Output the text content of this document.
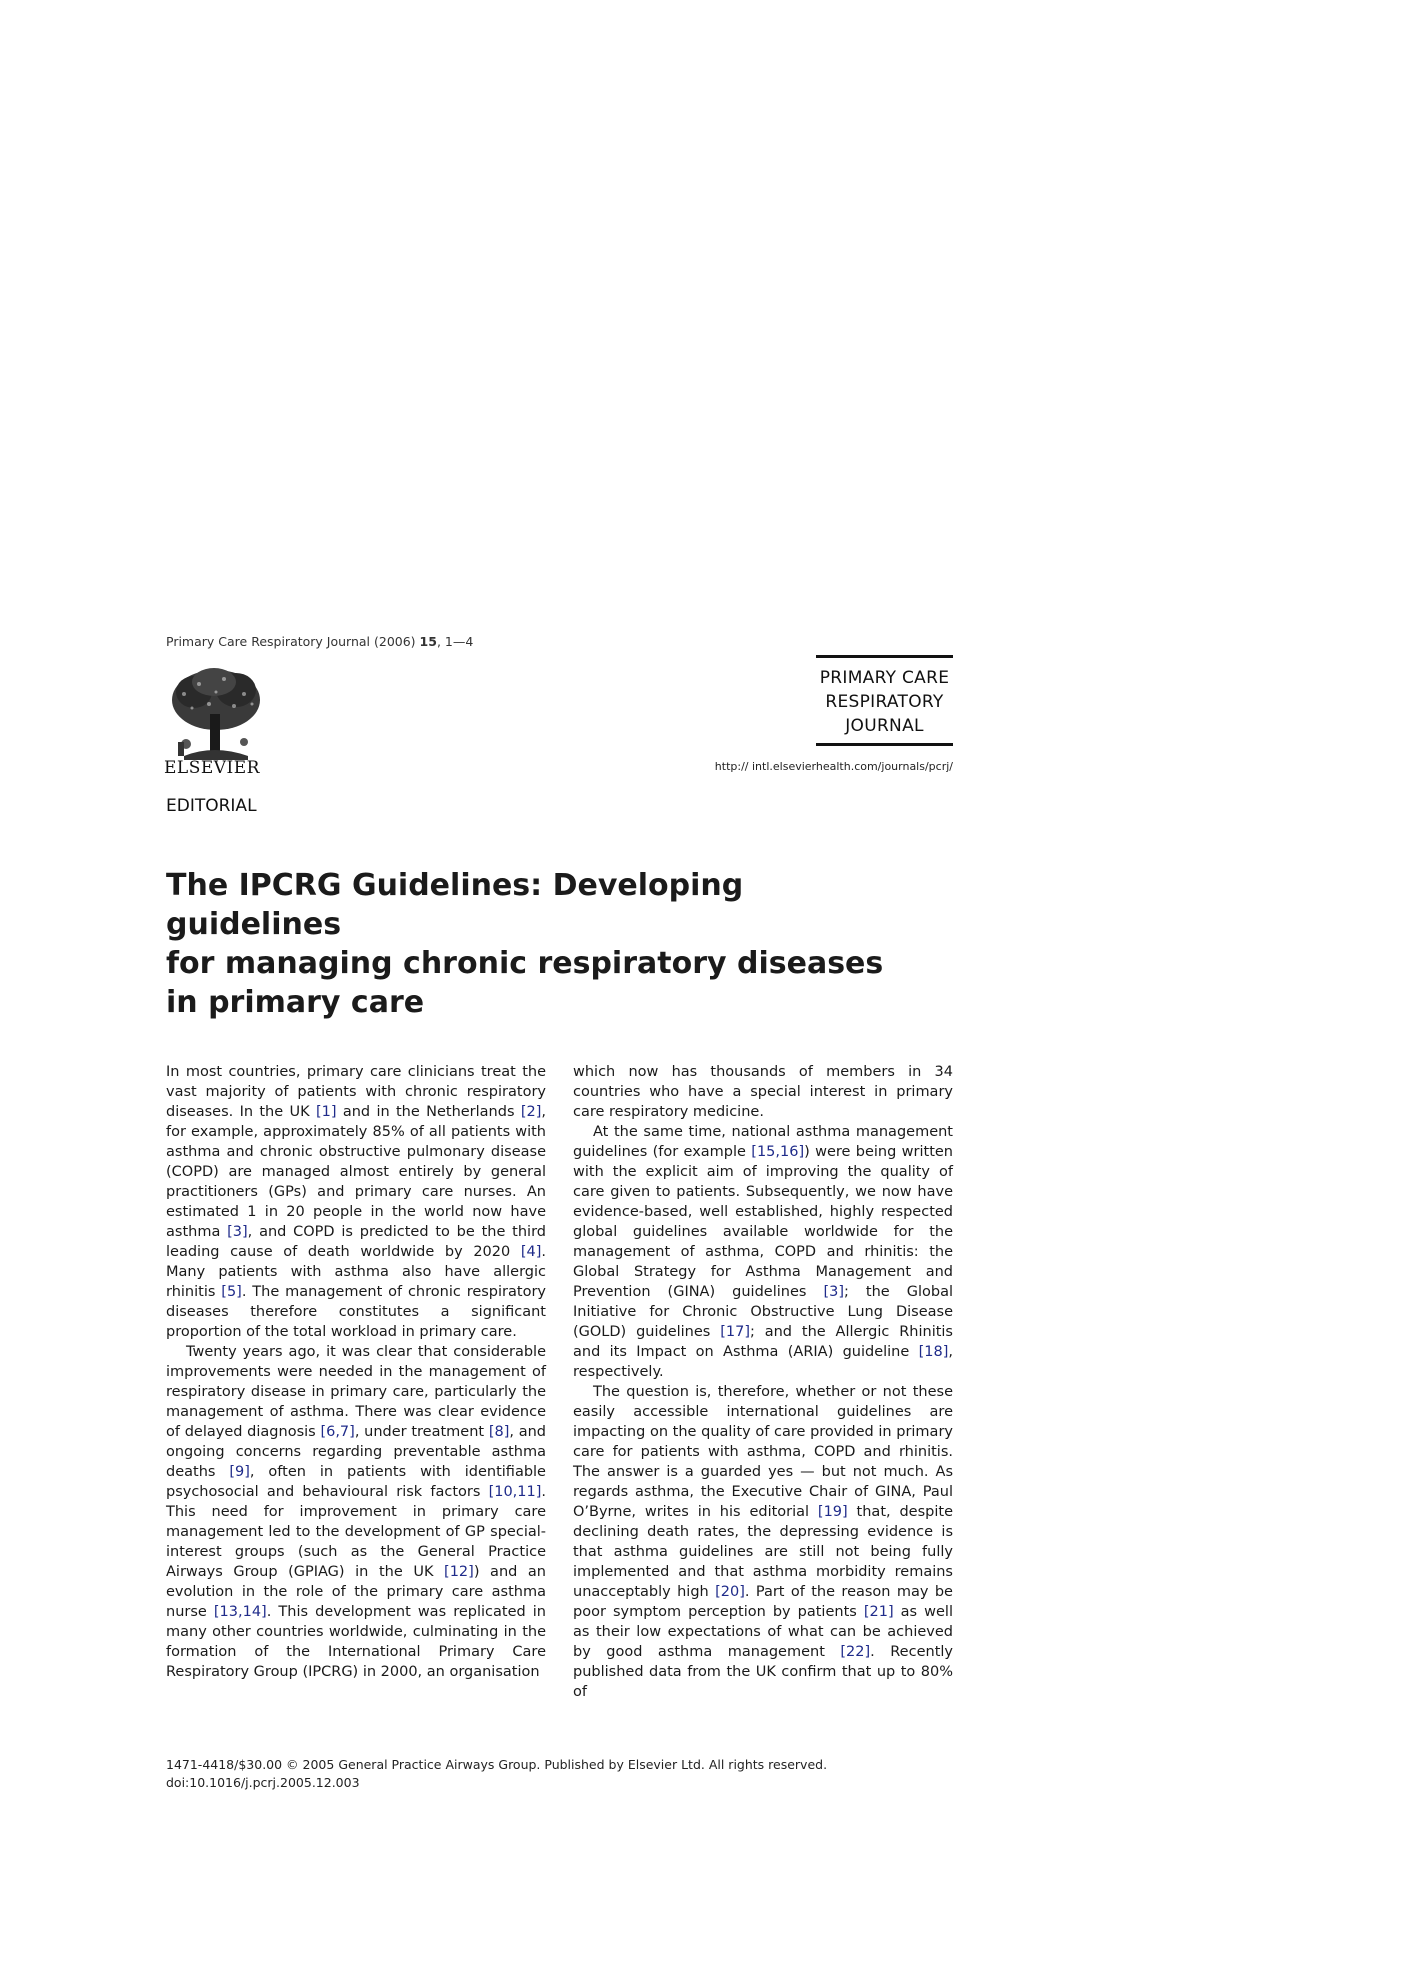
Primary Care Respiratory Journal (2006) 15, 1—4
ELSEVIER
PRIMARY CARE
RESPIRATORY
JOURNAL
http:// intl.elsevierhealth.com/journals/pcrj/
EDITORIAL
The IPCRG Guidelines: Developing guidelines
for managing chronic respiratory diseases
in primary care

In most countries, primary care clinicians treat the vast majority of patients with chronic respiratory diseases. In the UK [1] and in the Netherlands [2], for example, approximately 85% of all patients with asthma and chronic obstructive pulmonary disease (COPD) are managed almost entirely by general practitioners (GPs) and primary care nurses. An estimated 1 in 20 people in the world now have asthma [3], and COPD is predicted to be the third leading cause of death worldwide by 2020 [4]. Many patients with asthma also have allergic rhinitis [5]. The management of chronic respiratory diseases therefore constitutes a significant proportion of the total workload in primary care.

Twenty years ago, it was clear that considerable improvements were needed in the management of respiratory disease in primary care, particularly the management of asthma. There was clear evidence of delayed diagnosis [6,7], under treatment [8], and ongoing concerns regarding preventable asthma deaths [9], often in patients with identifiable psychosocial and behavioural risk factors [10,11]. This need for improvement in primary care management led to the development of GP special-interest groups (such as the General Practice Airways Group (GPIAG) in the UK [12]) and an evolution in the role of the primary care asthma nurse [13,14]. This development was replicated in many other countries worldwide, culminating in the formation of the International Primary Care Respiratory Group (IPCRG) in 2000, an organisation

which now has thousands of members in 34 countries who have a special interest in primary care respiratory medicine.

At the same time, national asthma management guidelines (for example [15,16]) were being written with the explicit aim of improving the quality of care given to patients. Subsequently, we now have evidence-based, well established, highly respected global guidelines available worldwide for the management of asthma, COPD and rhinitis: the Global Strategy for Asthma Management and Prevention (GINA) guidelines [3]; the Global Initiative for Chronic Obstructive Lung Disease (GOLD) guidelines [17]; and the Allergic Rhinitis and its Impact on Asthma (ARIA) guideline [18], respectively.

The question is, therefore, whether or not these easily accessible international guidelines are impacting on the quality of care provided in primary care for patients with asthma, COPD and rhinitis. The answer is a guarded yes — but not much. As regards asthma, the Executive Chair of GINA, Paul O’Byrne, writes in his editorial [19] that, despite declining death rates, the depressing evidence is that asthma guidelines are still not being fully implemented and that asthma morbidity remains unacceptably high [20]. Part of the reason may be poor symptom perception by patients [21] as well as their low expectations of what can be achieved by good asthma management [22]. Recently published data from the UK confirm that up to 80% of

1471-4418/$30.00 © 2005 General Practice Airways Group. Published by Elsevier Ltd. All rights reserved.
doi:10.1016/j.pcrj.2005.12.003
